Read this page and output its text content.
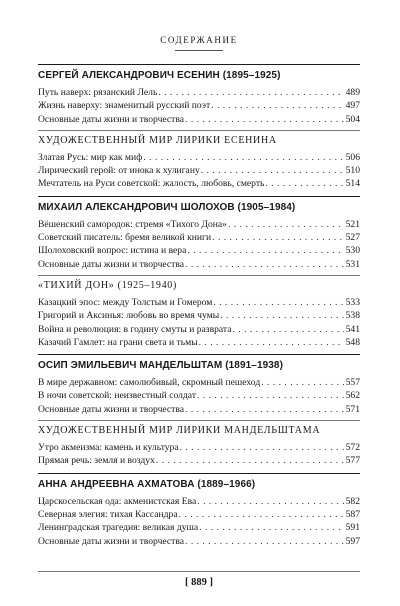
СОДЕРЖАНИЕ
СЕРГЕЙ АЛЕКСАНДРОВИЧ ЕСЕНИН (1895–1925)
Путь наверх: рязанский Лель . . .	489
Жизнь наверху: знаменитый русский поэт . . .	497
Основные даты жизни и творчества . . .	504
ХУДОЖЕСТВЕННЫЙ МИР ЛИРИКИ ЕСЕНИНА
Златая Русь: мир как миф . . .	506
Лирический герой: от инока к хулигану . . .	510
Мечтатель на Руси советской: жалость, любовь, смерть . . .	514
МИХАИЛ АЛЕКСАНДРОВИЧ ШОЛОХОВ (1905–1984)
Вёшенский самородок: стремя «Тихого Дона» . . .	521
Советский писатель: бремя великой книги . . .	527
Шолоховский вопрос: истина и вера . . .	530
Основные даты жизни и творчества . . .	531
«ТИХИЙ ДОН» (1925–1940)
Казацкий эпос: между Толстым и Гомером . . .	533
Григорий и Аксинья: любовь во время чумы . . .	538
Война и революция: в годину смуты и разврата . . .	541
Казачий Гамлет: на грани света и тьмы . . .	548
ОСИП ЭМИЛЬЕВИЧ МАНДЕЛЬШТАМ (1891–1938)
В мире державном: самолюбивый, скромный пешеход . . .	557
В ночи советской: неизвестный солдат . . .	562
Основные даты жизни и творчества . . .	571
ХУДОЖЕСТВЕННЫЙ МИР ЛИРИКИ МАНДЕЛЬШТАМА
Утро акмеизма: камень и культура . . .	572
Прямая речь: земля и воздух . . .	577
АННА АНДРЕЕВНА АХМАТОВА (1889–1966)
Царскосельская ода: акменистская Ева . . .	582
Северная элегия: тихая Кассандра . . .	587
Ленинградская трагедия: великая душа . . .	591
Основные даты жизни и творчества . . .	597
[ 889 ]
